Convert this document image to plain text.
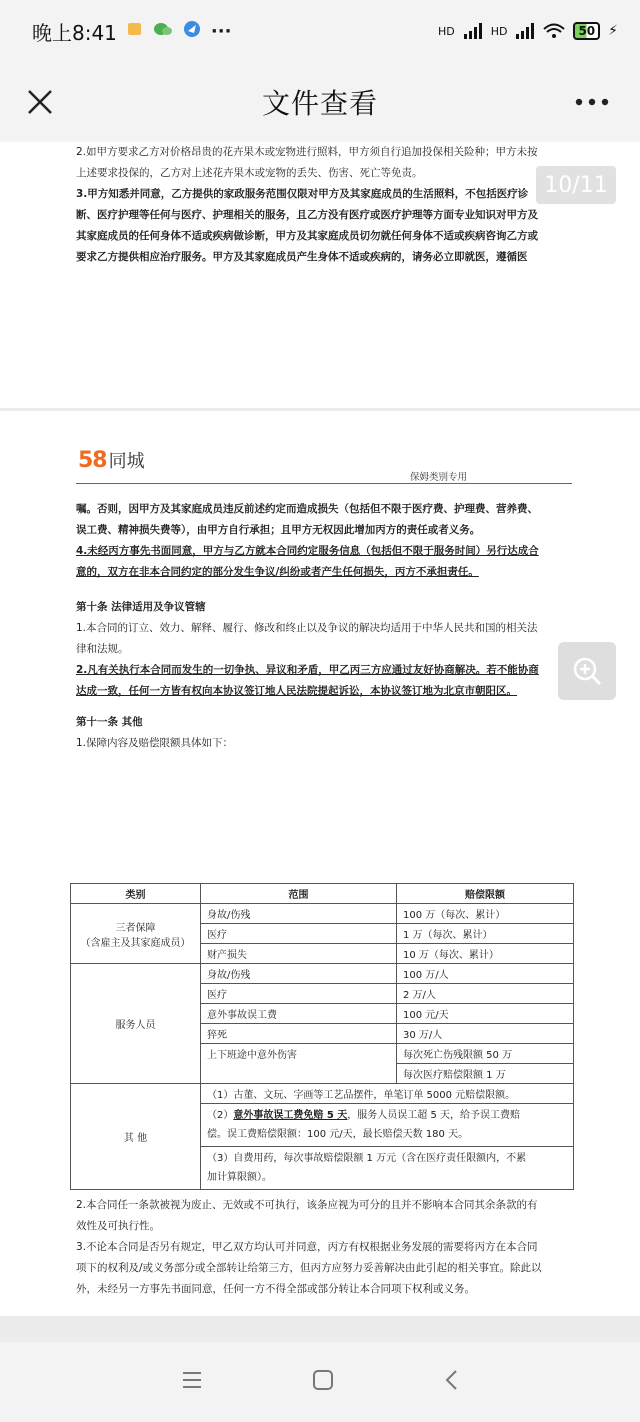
晚上8:41	···	HD	HD	50 ⚡
文件查看
2.如甲方要求乙方对价格昂贵的花卉果木或宠物进行照料，甲方须自行追加投保相关险种；甲方未按
上述要求投保的，乙方对上述花卉果木或宠物的丢失、伤害、死亡等免责。
3.甲方知悉并同意，乙方提供的家政服务范围仅限对甲方及其家庭成员的生活照料，不包括医疗诊
断、医疗护理等任何与医疗、护理相关的服务，且乙方没有医疗或医疗护理等方面专业知识对甲方及
其家庭成员的任何身体不适或疾病做诊断，甲方及其家庭成员切勿就任何身体不适或疾病咨询乙方或
要求乙方提供相应治疗服务。甲方及其家庭成员产生身体不适或疾病的，请务必立即就医，遵循医
58 同城
保姆类别专用
嘱。否则，因甲方及其家庭成员违反前述约定而造成损失（包括但不限于医疗费、护理费、营养费、
误工费、精神损失费等），由甲方自行承担；且甲方无权因此增加丙方的责任或者义务。
4.未经丙方事先书面同意，甲方与乙方就本合同约定服务信息（包括但不限于服务时间）另行达成合
意的，双方在非本合同约定的部分发生争议/纠纷或者产生任何损失，丙方不承担责任。
第十条 法律适用及争议管辖
1.本合同的订立、效力、解释、履行、修改和终止以及争议的解决均适用于中华人民共和国的相关法
律和法规。
2.凡有关执行本合同而发生的一切争执、异议和矛盾，甲乙丙三方应通过友好协商解决。若不能协商
达成一致，任何一方皆有权向本协议签订地人民法院提起诉讼，本协议签订地为北京市朝阳区。
第十一条 其他
1.保障内容及赔偿限额具体如下：
类别	范围	赔偿限额

三者保障
（含雇主及其家庭成员）	身故/伤残	100 万（每次、累计）
	医疗	1 万（每次、累计）
	财产损失	10 万（每次、累计）
服务人员	身故/伤残	100 万/人
	医疗	2 万/人
	意外事故误工费	100 元/天
	猝死	30 万/人
	上下班途中意外伤害	每次死亡伤残限额 50 万
		每次医疗赔偿限额 1 万
其 他	（1）古董、文玩、字画等工艺品摆件，单笔订单 5000 元赔偿限额。	
	（2）意外事故误工费免赔 5 天，服务人员误工超 5 天，给予误工费赔
偿。误工费赔偿限额：100 元/天，最长赔偿天数 180 天。	
	（3）自费用药，每次事故赔偿限额 1 万元（含在医疗责任限额内，不累
加计算限额）。	
2.本合同任一条款被视为废止、无效或不可执行，该条应视为可分的且并不影响本合同其余条款的有
效性及可执行性。
3.不论本合同是否另有规定，甲乙双方均认可并同意，丙方有权根据业务发展的需要将丙方在本合同
项下的权利及/或义务部分或全部转让给第三方，但丙方应努力妥善解决由此引起的相关事宜。除此以
外，未经另一方事先书面同意，任何一方不得全部或部分转让本合同项下权利或义务。
10/11
